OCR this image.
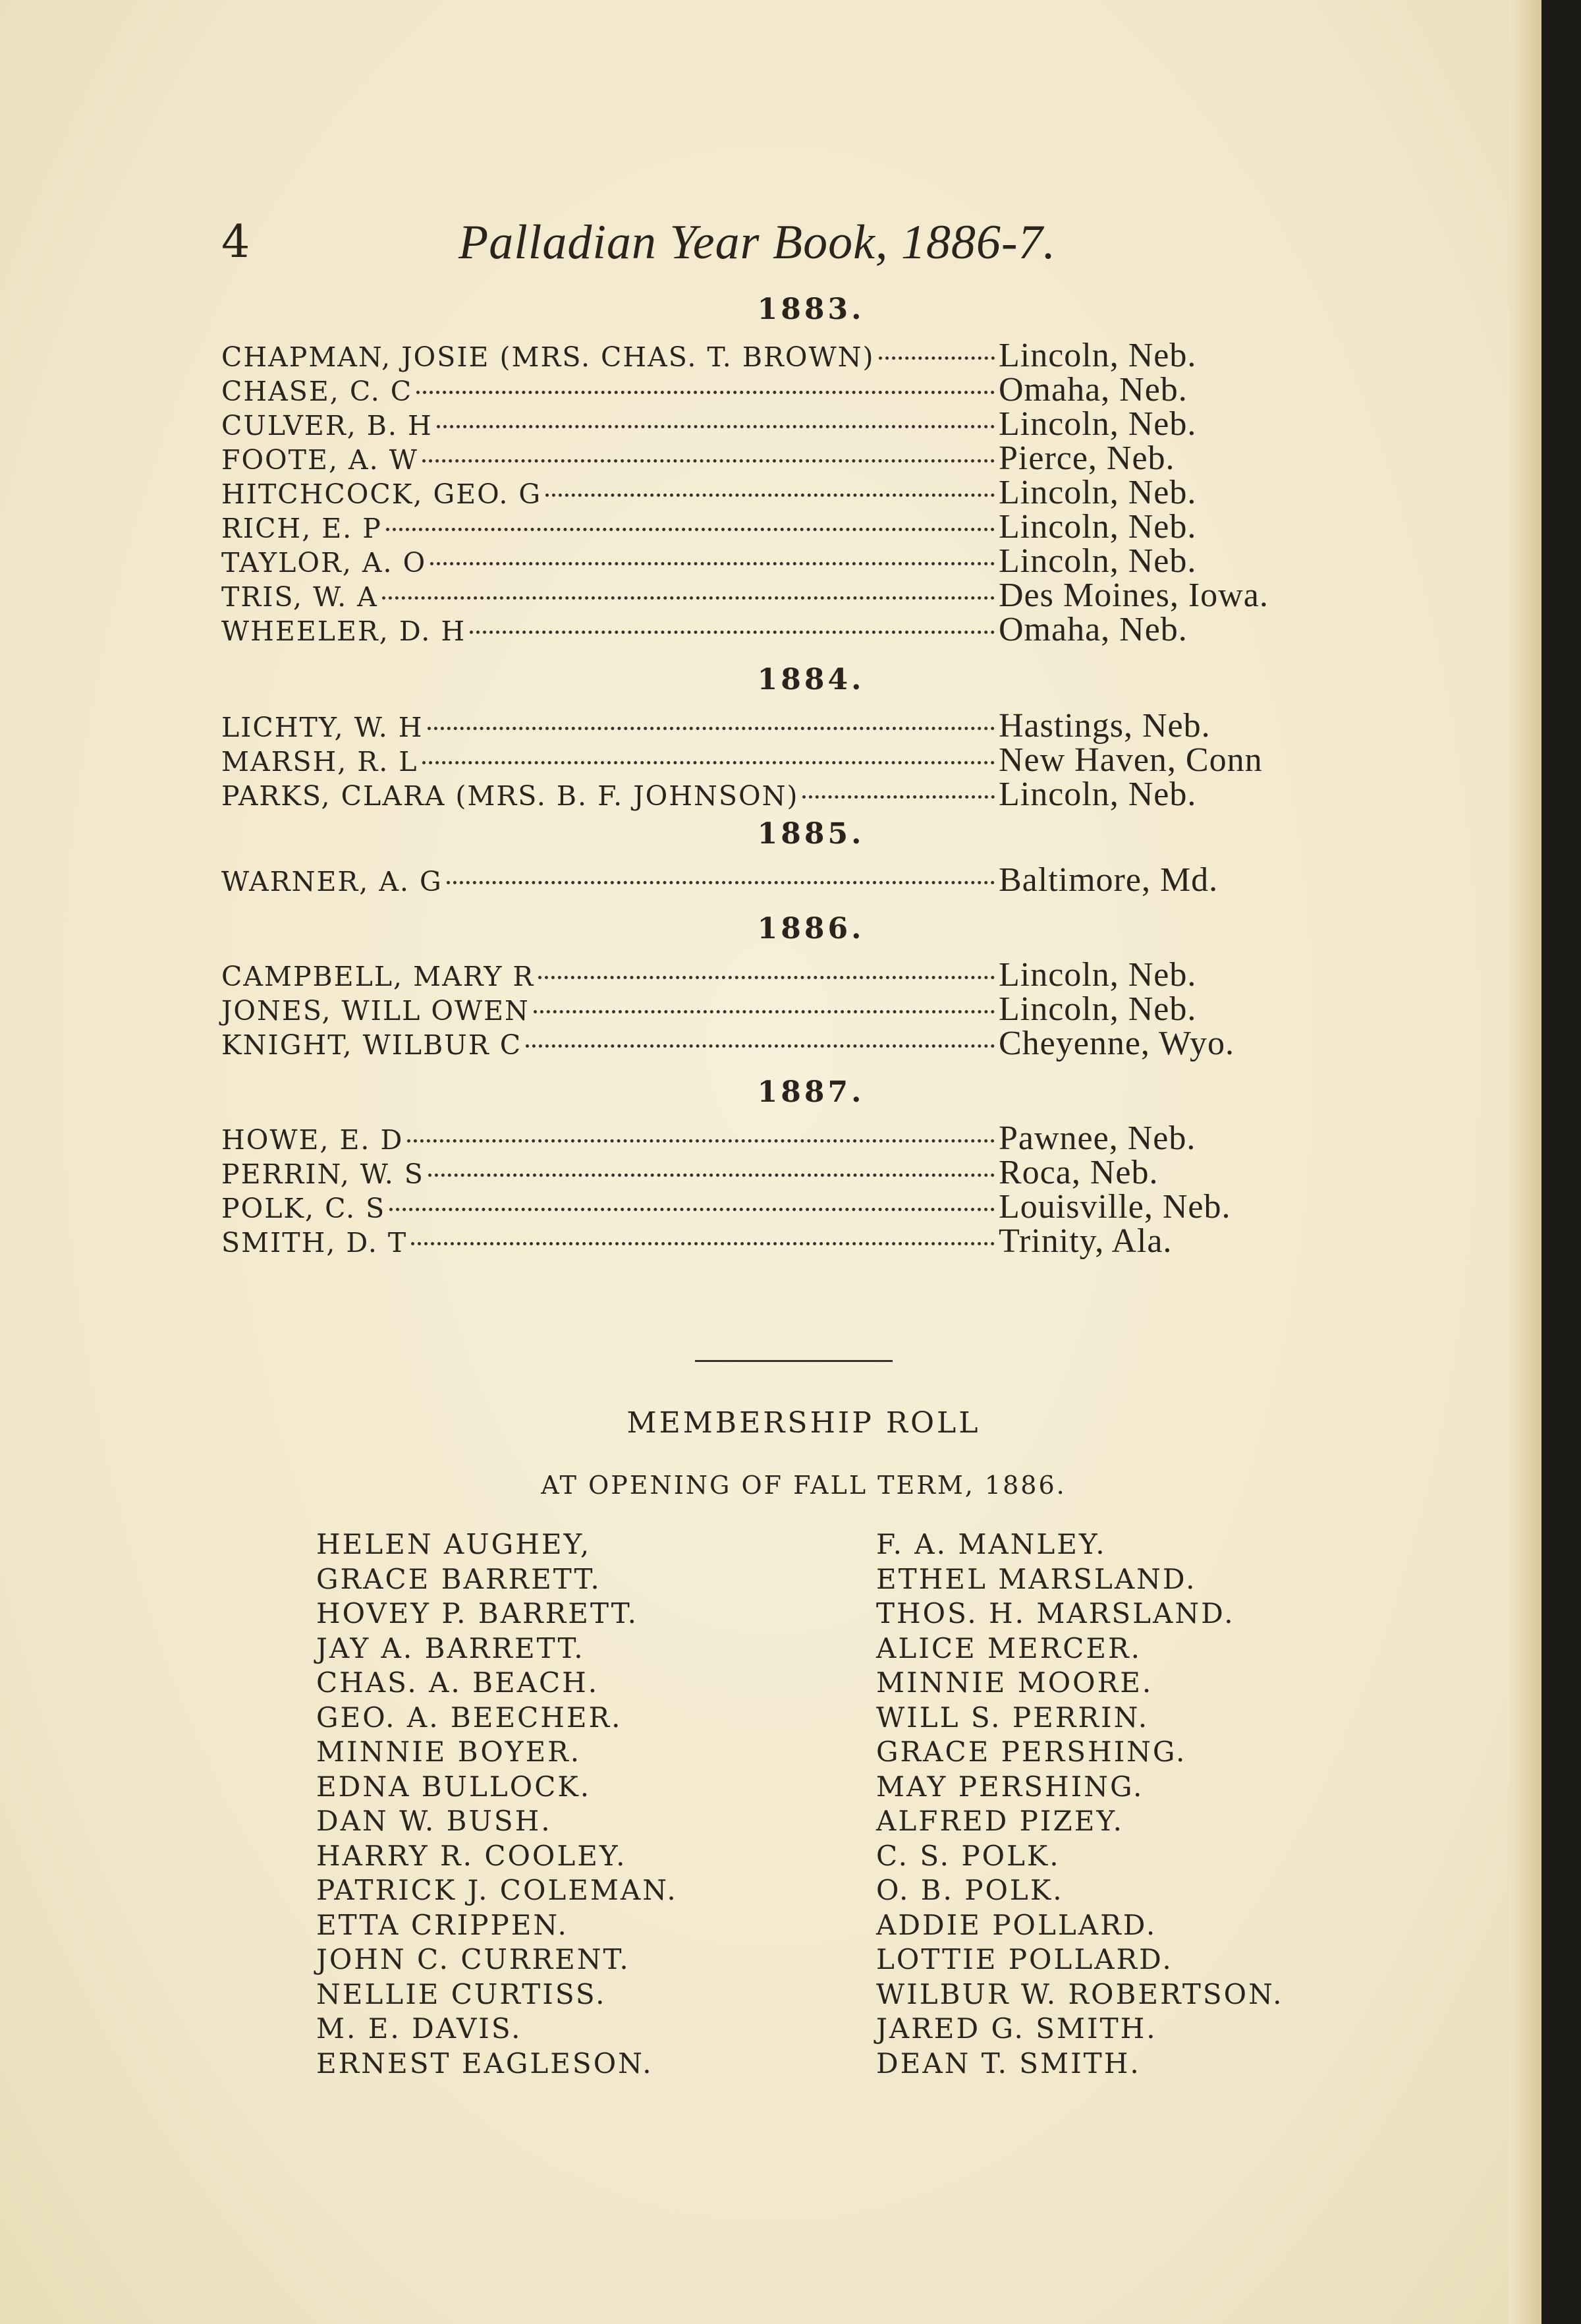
4	Palladian Year Book, 1886-7.
1883.
CHAPMAN, JOSIE (MRS. CHAS. T. BROWN)	Lincoln, Neb.
CHASE, C. C	Omaha, Neb.
CULVER, B. H	Lincoln, Neb.
FOOTE, A. W	Pierce, Neb.
HITCHCOCK, GEO. G	Lincoln, Neb.
RICH, E. P	Lincoln, Neb.
TAYLOR, A. O	Lincoln, Neb.
TRIS, W. A	Des Moines, Iowa.
WHEELER, D. H	Omaha, Neb.
1884.
LICHTY, W. H	Hastings, Neb.
MARSH, R. L	New Haven, Conn
PARKS, CLARA (MRS. B. F. JOHNSON)	Lincoln, Neb.
1885.
WARNER, A. G	Baltimore, Md.
1886.
CAMPBELL, MARY R	Lincoln, Neb.
JONES, WILL OWEN	Lincoln, Neb.
KNIGHT, WILBUR C	Cheyenne, Wyo.
1887.
HOWE, E. D	Pawnee, Neb.
PERRIN, W. S	Roca, Neb.
POLK, C. S	Louisville, Neb.
SMITH, D. T	Trinity, Ala.
MEMBERSHIP ROLL
AT OPENING OF FALL TERM, 1886.
HELEN AUGHEY,
GRACE BARRETT.
HOVEY P. BARRETT.
JAY A. BARRETT.
CHAS. A. BEACH.
GEO. A. BEECHER.
MINNIE BOYER.
EDNA BULLOCK.
DAN W. BUSH.
HARRY R. COOLEY.
PATRICK J. COLEMAN.
ETTA CRIPPEN.
JOHN C. CURRENT.
NELLIE CURTISS.
M. E. DAVIS.
ERNEST EAGLESON.
F. A. MANLEY.
ETHEL MARSLAND.
THOS. H. MARSLAND.
ALICE MERCER.
MINNIE MOORE.
WILL S. PERRIN.
GRACE PERSHING.
MAY PERSHING.
ALFRED PIZEY.
C. S. POLK.
O. B. POLK.
ADDIE POLLARD.
LOTTIE POLLARD.
WILBUR W. ROBERTSON.
JARED G. SMITH.
DEAN T. SMITH.
